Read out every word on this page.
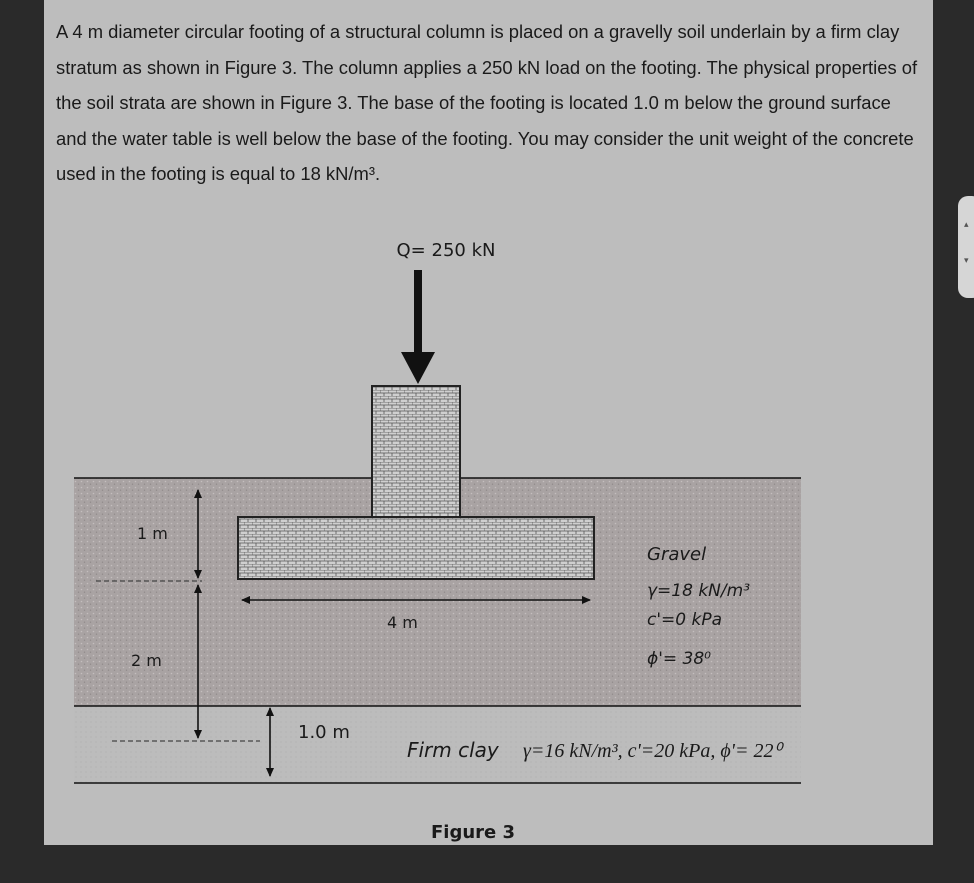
A 4 m diameter circular footing of a structural column is placed on a gravelly soil underlain by a firm clay stratum as shown in Figure 3. The column applies a 250 kN load on the footing. The physical properties of the soil strata are shown in Figure 3. The base of the footing is located 1.0 m below the ground surface and the water table is well below the base of the footing. You may consider the unit weight of the concrete used in the footing is equal to 18 kN/m³.

Q= 250 kN
1 m
2 m
4 m
1.0 m
Gravel
γ=18 kN/m³
c'=0 kPa
ϕ'= 38⁰
Firm clay γ=16 kN/m³, c'=20 kPa, ϕ'= 22⁰
Figure 3
▴
▾
